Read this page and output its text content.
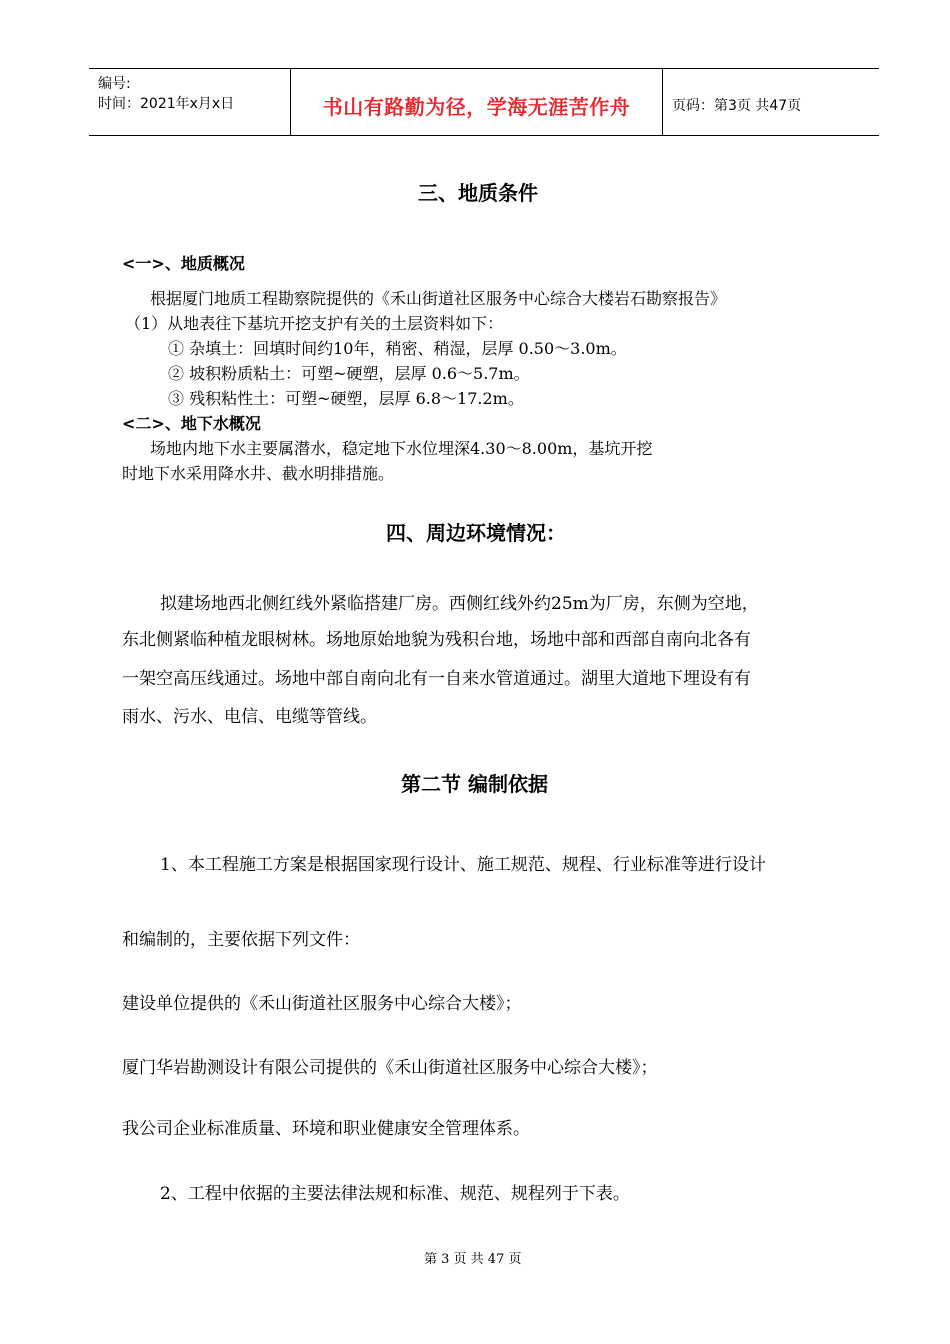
编号:
时间：2021年x月x日	书山有路勤为径，学海无涯苦作舟	页码：第3页 共47页
三、地质条件
<一>、地质概况
根据厦门地质工程勘察院提供的《禾山街道社区服务中心综合大楼岩石勘察报告》
（1）从地表往下基坑开挖支护有关的土层资料如下：
① 杂填土：回填时间约10年，稍密、稍湿，层厚 0.50～3.0m。
② 坡积粉质粘土：可塑~硬塑，层厚 0.6～5.7m。
③ 残积粘性土：可塑~硬塑，层厚 6.8～17.2m。
<二>、地下水概况
场地内地下水主要属潜水，稳定地下水位埋深4.30～8.00m，基坑开挖
时地下水采用降水井、截水明排措施。
四、周边环境情况：
拟建场地西北侧红线外紧临搭建厂房。西侧红线外约25m为厂房，东侧为空地，
东北侧紧临种植龙眼树林。场地原始地貌为残积台地，场地中部和西部自南向北各有
一架空高压线通过。场地中部自南向北有一自来水管道通过。湖里大道地下埋设有有
雨水、污水、电信、电缆等管线。
第二节 编制依据
1、本工程施工方案是根据国家现行设计、施工规范、规程、行业标准等进行设计
和编制的，主要依据下列文件：
建设单位提供的《禾山街道社区服务中心综合大楼》；
厦门华岩勘测设计有限公司提供的《禾山街道社区服务中心综合大楼》；
我公司企业标准质量、环境和职业健康安全管理体系。
2、工程中依据的主要法律法规和标准、规范、规程列于下表。
第 3 页 共 47 页
